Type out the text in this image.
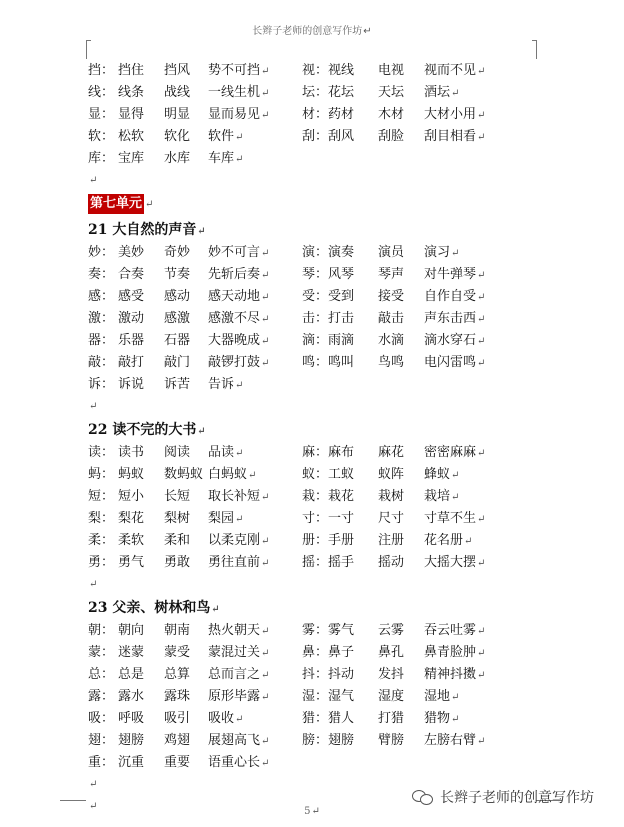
长辫子老师的创意写作坊↵
挡： 挡住 挡风 势不可挡↵	视： 视线 电视 视而不见↵
线： 线条 战线 一线生机↵	坛： 花坛 天坛 酒坛↵
显： 显得 明显 显而易见↵	材： 药材 木材 大材小用↵
软： 松软 软化 软件↵	刮： 刮风 刮脸 刮目相看↵
库： 宝库 水库 车库↵
↵
第七单元 ↵
21 大自然的声音↵
妙： 美妙 奇妙 妙不可言↵	演： 演奏 演员 演习↵
奏： 合奏 节奏 先斩后奏↵	琴： 风琴 琴声 对牛弹琴↵
感： 感受 感动 感天动地↵	受： 受到 接受 自作自受↵
激： 激动 感激 感激不尽↵	击： 打击 敲击 声东击西↵
器： 乐器 石器 大器晚成↵	滴： 雨滴 水滴 滴水穿石↵
敲： 敲打 敲门 敲锣打鼓↵	鸣： 鸣叫 鸟鸣 电闪雷鸣↵
诉： 诉说 诉苦 告诉↵
↵
22 读不完的大书↵
读： 读书 阅读 品读↵	麻： 麻布 麻花 密密麻麻↵
蚂： 蚂蚁 数蚂蚁 白蚂蚁↵	蚁： 工蚁 蚁阵 蜂蚁↵
短： 短小 长短 取长补短↵	栽： 栽花 栽树 栽培↵
梨： 梨花 梨树 梨园↵	寸： 一寸 尺寸 寸草不生↵
柔： 柔软 柔和 以柔克刚↵	册： 手册 注册 花名册↵
勇： 勇气 勇敢 勇往直前↵	摇： 摇手 摇动 大摇大摆↵
↵
23 父亲、树林和鸟↵
朝： 朝向 朝南 热火朝天↵	雾： 雾气 云雾 吞云吐雾↵
蒙： 迷蒙 蒙受 蒙混过关↵	鼻： 鼻子 鼻孔 鼻青脸肿↵
总： 总是 总算 总而言之↵	抖： 抖动 发抖 精神抖擞↵
露： 露水 露珠 原形毕露↵	湿： 湿气 湿度 湿地↵
吸： 呼吸 吸引 吸收↵	猎： 猎人 打猎 猎物↵
翅： 翅膀 鸡翅 展翅高飞↵	膀： 翅膀 臂膀 左膀右臂↵
重： 沉重 重要 语重心长↵
↵
↵	5↵
长辫子老师的创意写作坊
